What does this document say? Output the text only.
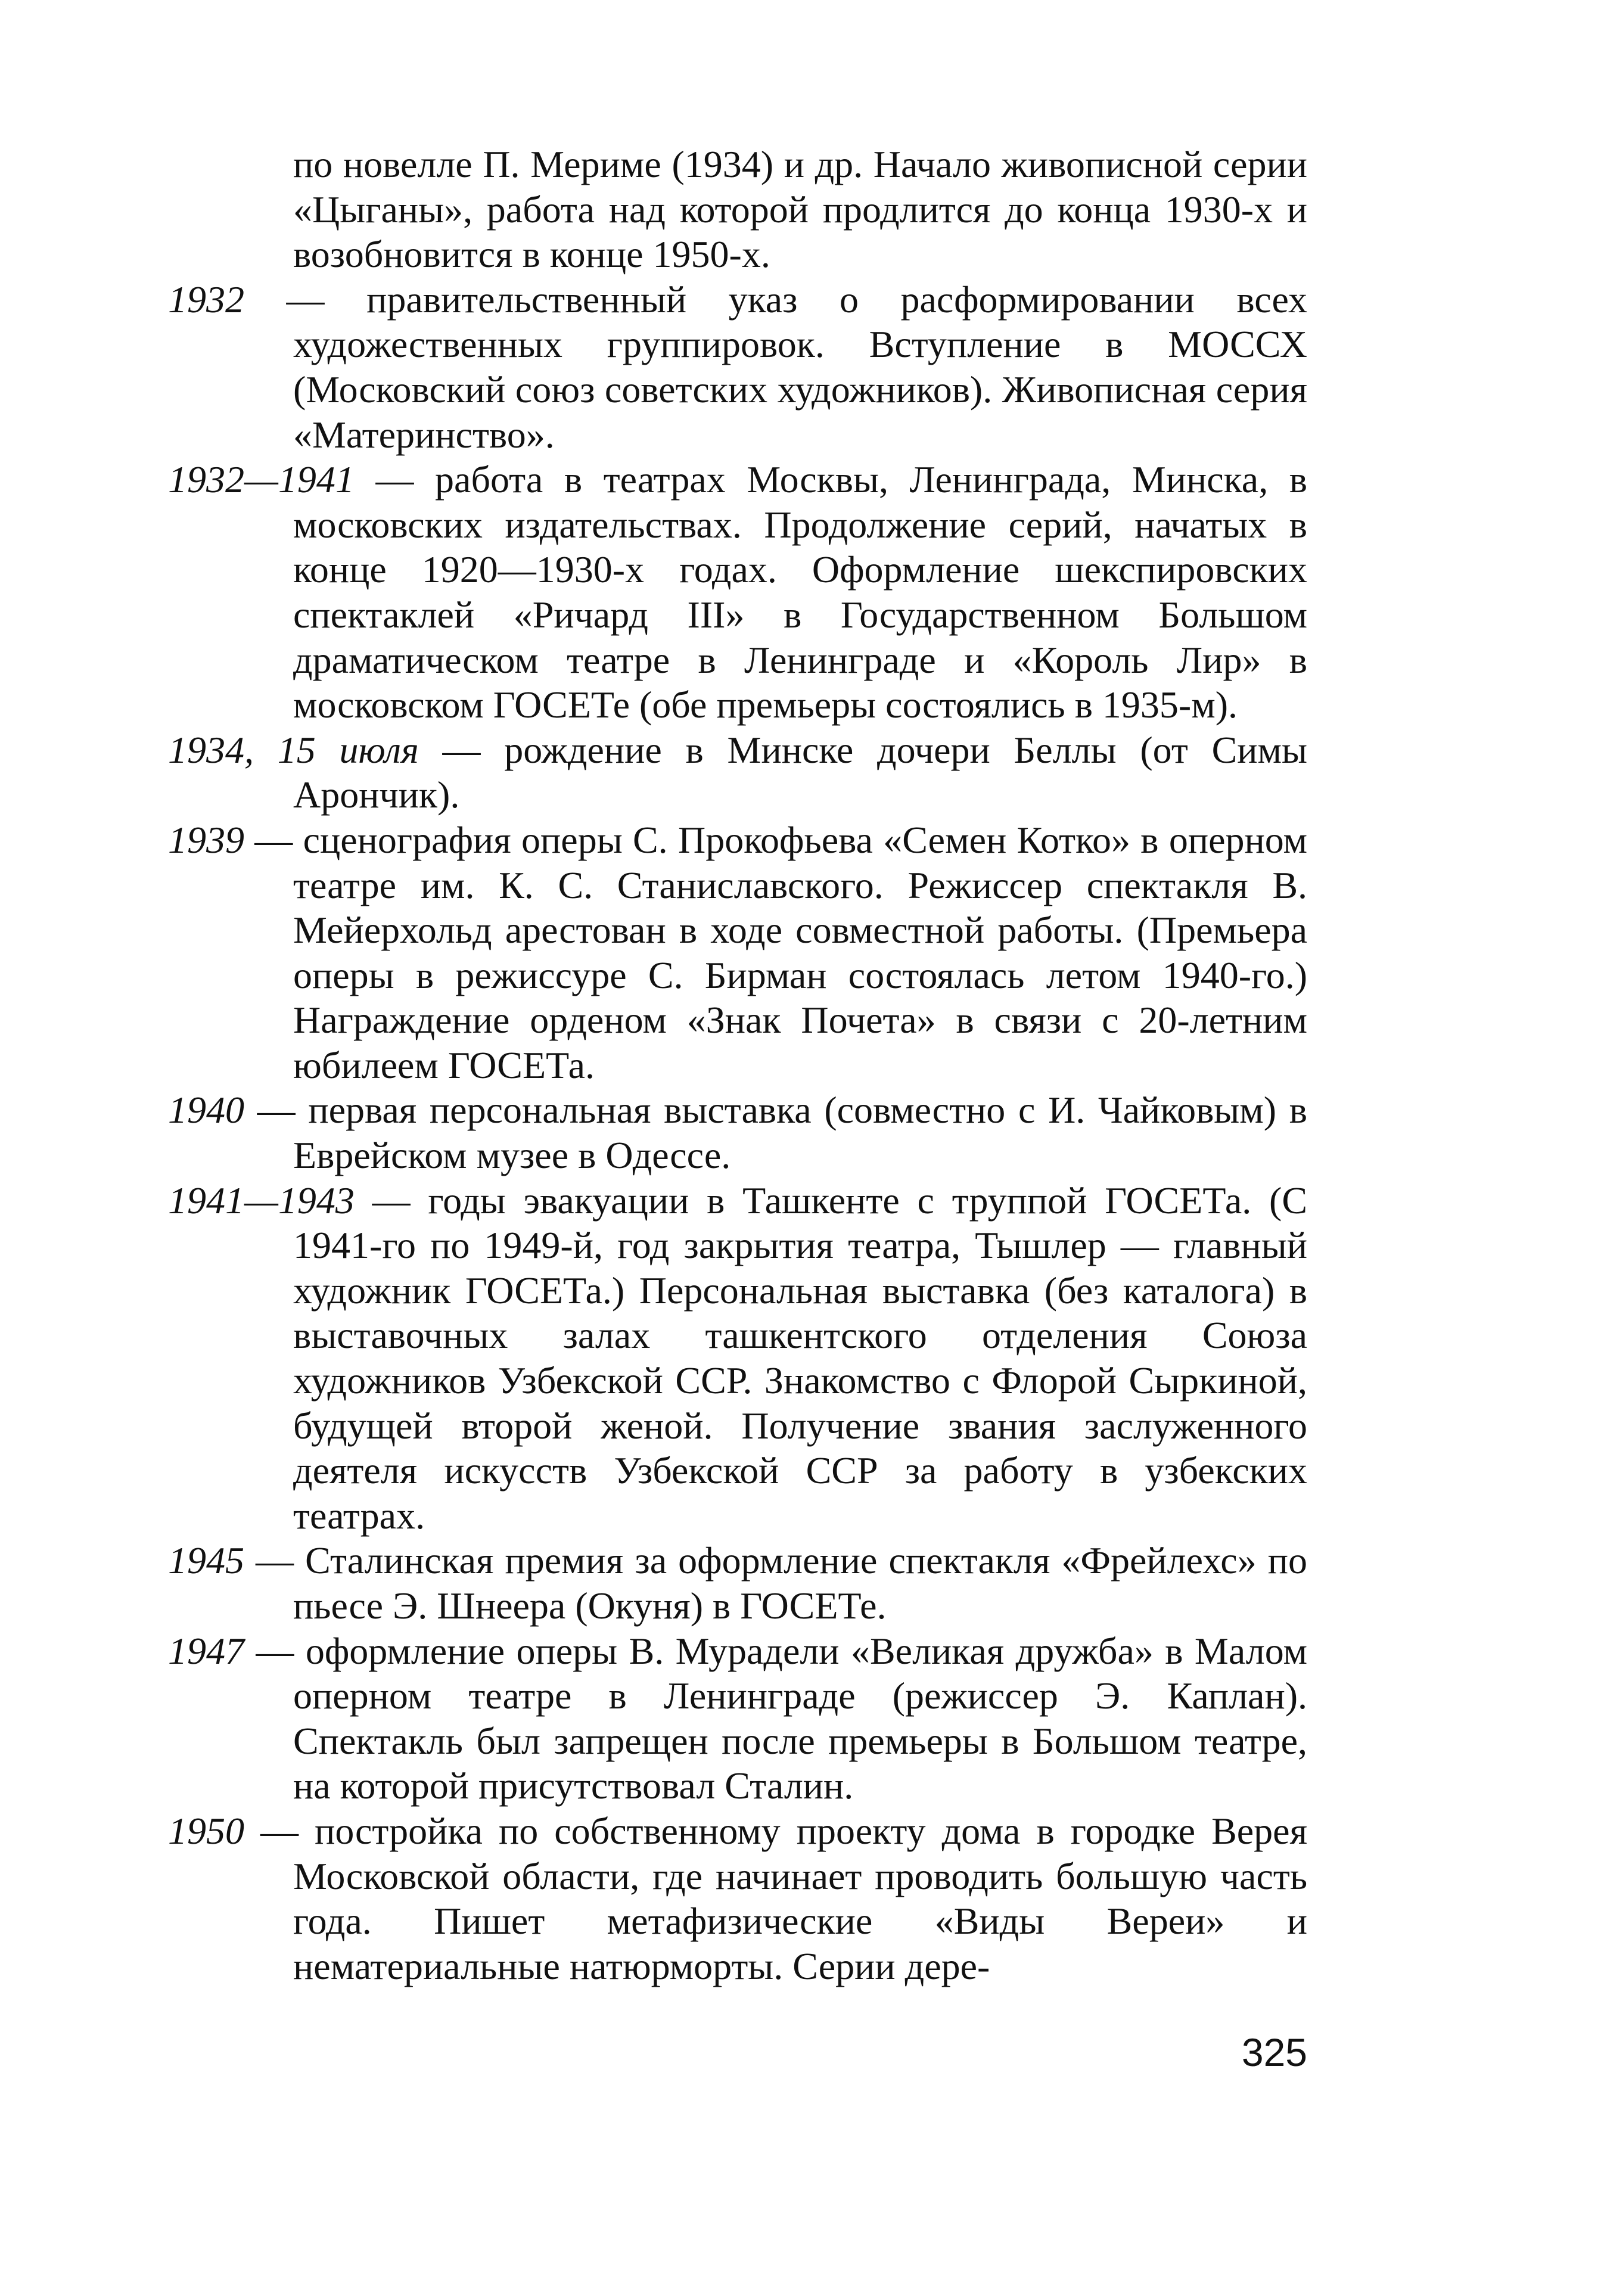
по новелле П. Мериме (1934) и др. Начало живописной серии «Цыганы», работа над которой продлится до конца 1930-х и возобновится в конце 1950-х.

1932 — правительственный указ о расформировании всех художественных группировок. Вступление в МОССХ (Московский союз советских художников). Живописная серия «Материнство».

1932—1941 — работа в театрах Москвы, Ленинграда, Минска, в московских издательствах. Продолжение серий, начатых в конце 1920—1930-х годах. Оформление шекспировских спектаклей «Ричард III» в Государственном Большом драматическом театре в Ленинграде и «Король Лир» в московском ГОСЕТе (обе премьеры состоялись в 1935-м).

1934, 15 июля — рождение в Минске дочери Беллы (от Симы Арончик).

1939 — сценография оперы С. Прокофьева «Семен Котко» в оперном театре им. К. С. Станиславского. Режиссер спектакля В. Мейерхольд арестован в ходе совместной работы. (Премьера оперы в режиссуре С. Бирман состоялась летом 1940-го.) Награждение орденом «Знак Почета» в связи с 20-летним юбилеем ГОСЕТа.

1940 — первая персональная выставка (совместно с И. Чайковым) в Еврейском музее в Одессе.

1941—1943 — годы эвакуации в Ташкенте с труппой ГОСЕТа. (С 1941-го по 1949-й, год закрытия театра, Тышлер — главный художник ГОСЕТа.) Персональная выставка (без каталога) в выставочных залах ташкентского отделения Союза художников Узбекской ССР. Знакомство с Флорой Сыркиной, будущей второй женой. Получение звания заслуженного деятеля искусств Узбекской ССР за работу в узбекских театрах.

1945 — Сталинская премия за оформление спектакля «Фрейлехс» по пьесе Э. Шнеера (Окуня) в ГОСЕТе.

1947 — оформление оперы В. Мурадели «Великая дружба» в Малом оперном театре в Ленинграде (режиссер Э. Каплан). Спектакль был запрещен после премьеры в Большом театре, на которой присутствовал Сталин.

1950 — постройка по собственному проекту дома в городке Верея Московской области, где начинает проводить большую часть года. Пишет метафизические «Виды Вереи» и нематериальные натюрморты. Серии дере-

325
